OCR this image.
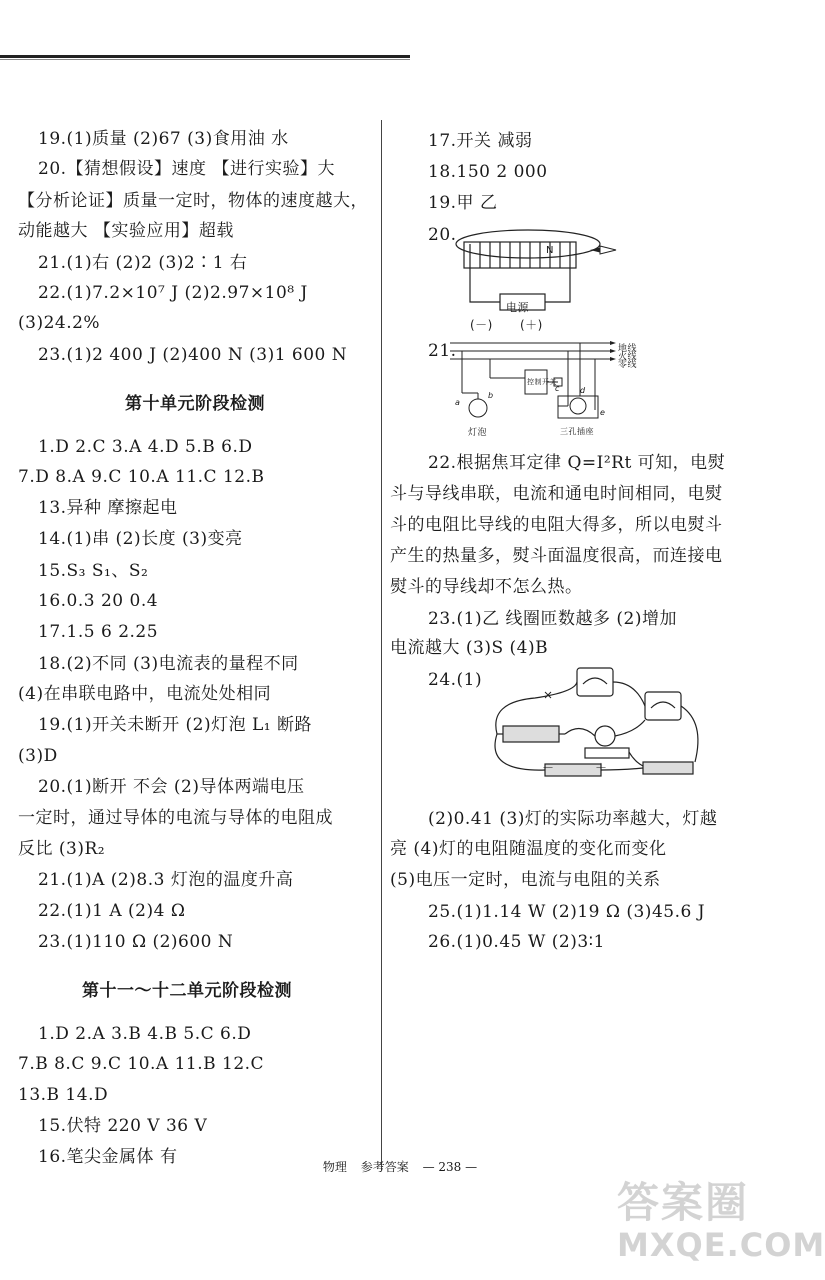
19.(1)质量 (2)67 (3)食用油 水
20.【猜想假设】速度 【进行实验】大
【分析论证】质量一定时，物体的速度越大，
动能越大 【实验应用】超载
21.(1)右 (2)2 (3)2∶1 右
22.(1)7.2×10⁷ J (2)2.97×10⁸ J
(3)24.2%
23.(1)2 400 J (2)400 N (3)1 600 N
第十单元阶段检测
1.D 2.C 3.A 4.D 5.B 6.D
7.D 8.A 9.C 10.A 11.C 12.B
13.异种 摩擦起电
14.(1)串 (2)长度 (3)变亮
15.S₃ S₁、S₂
16.0.3 20 0.4
17.1.5 6 2.25
18.(2)不同 (3)电流表的量程不同
(4)在串联电路中，电流处处相同
19.(1)开关未断开 (2)灯泡 L₁ 断路
(3)D
20.(1)断开 不会 (2)导体两端电压
一定时，通过导体的电流与导体的电阻成
反比 (3)R₂
21.(1)A (2)8.3 灯泡的温度升高
22.(1)1 A (2)4 Ω
23.(1)110 Ω (2)600 N
第十一～十二单元阶段检测
1.D 2.A 3.B 4.B 5.C 6.D
7.B 8.C 9.C 10.A 11.B 12.C
13.B 14.D
15.伏特 220 V 36 V
16.笔尖金属体 有
17.开关 减弱
18.150 2 000
19.甲 乙
20.
N
电源
(－) (＋)
21.	地线
火线
零线
控制开关
灯泡	三孔插座
a
b
c	d
e
22.根据焦耳定律 Q=I²Rt 可知，电熨
斗与导线串联，电流和通电时间相同，电熨
斗的电阻比导线的电阻大得多，所以电熨斗
产生的热量多，熨斗面温度很高，而连接电
熨斗的导线却不怎么热。
23.(1)乙 线圈匝数越多 (2)增加
电流越大 (3)S (4)B
24.(1)
－	＋
(2)0.41 (3)灯的实际功率越大，灯越
亮 (4)灯的电阻随温度的变化而变化
(5)电压一定时，电流与电阻的关系
25.(1)1.14 W (2)19 Ω (3)45.6 J
26.(1)0.45 W (2)3∶1
物理 参考答案 — 238 —
答案圈
MXQE.COM
